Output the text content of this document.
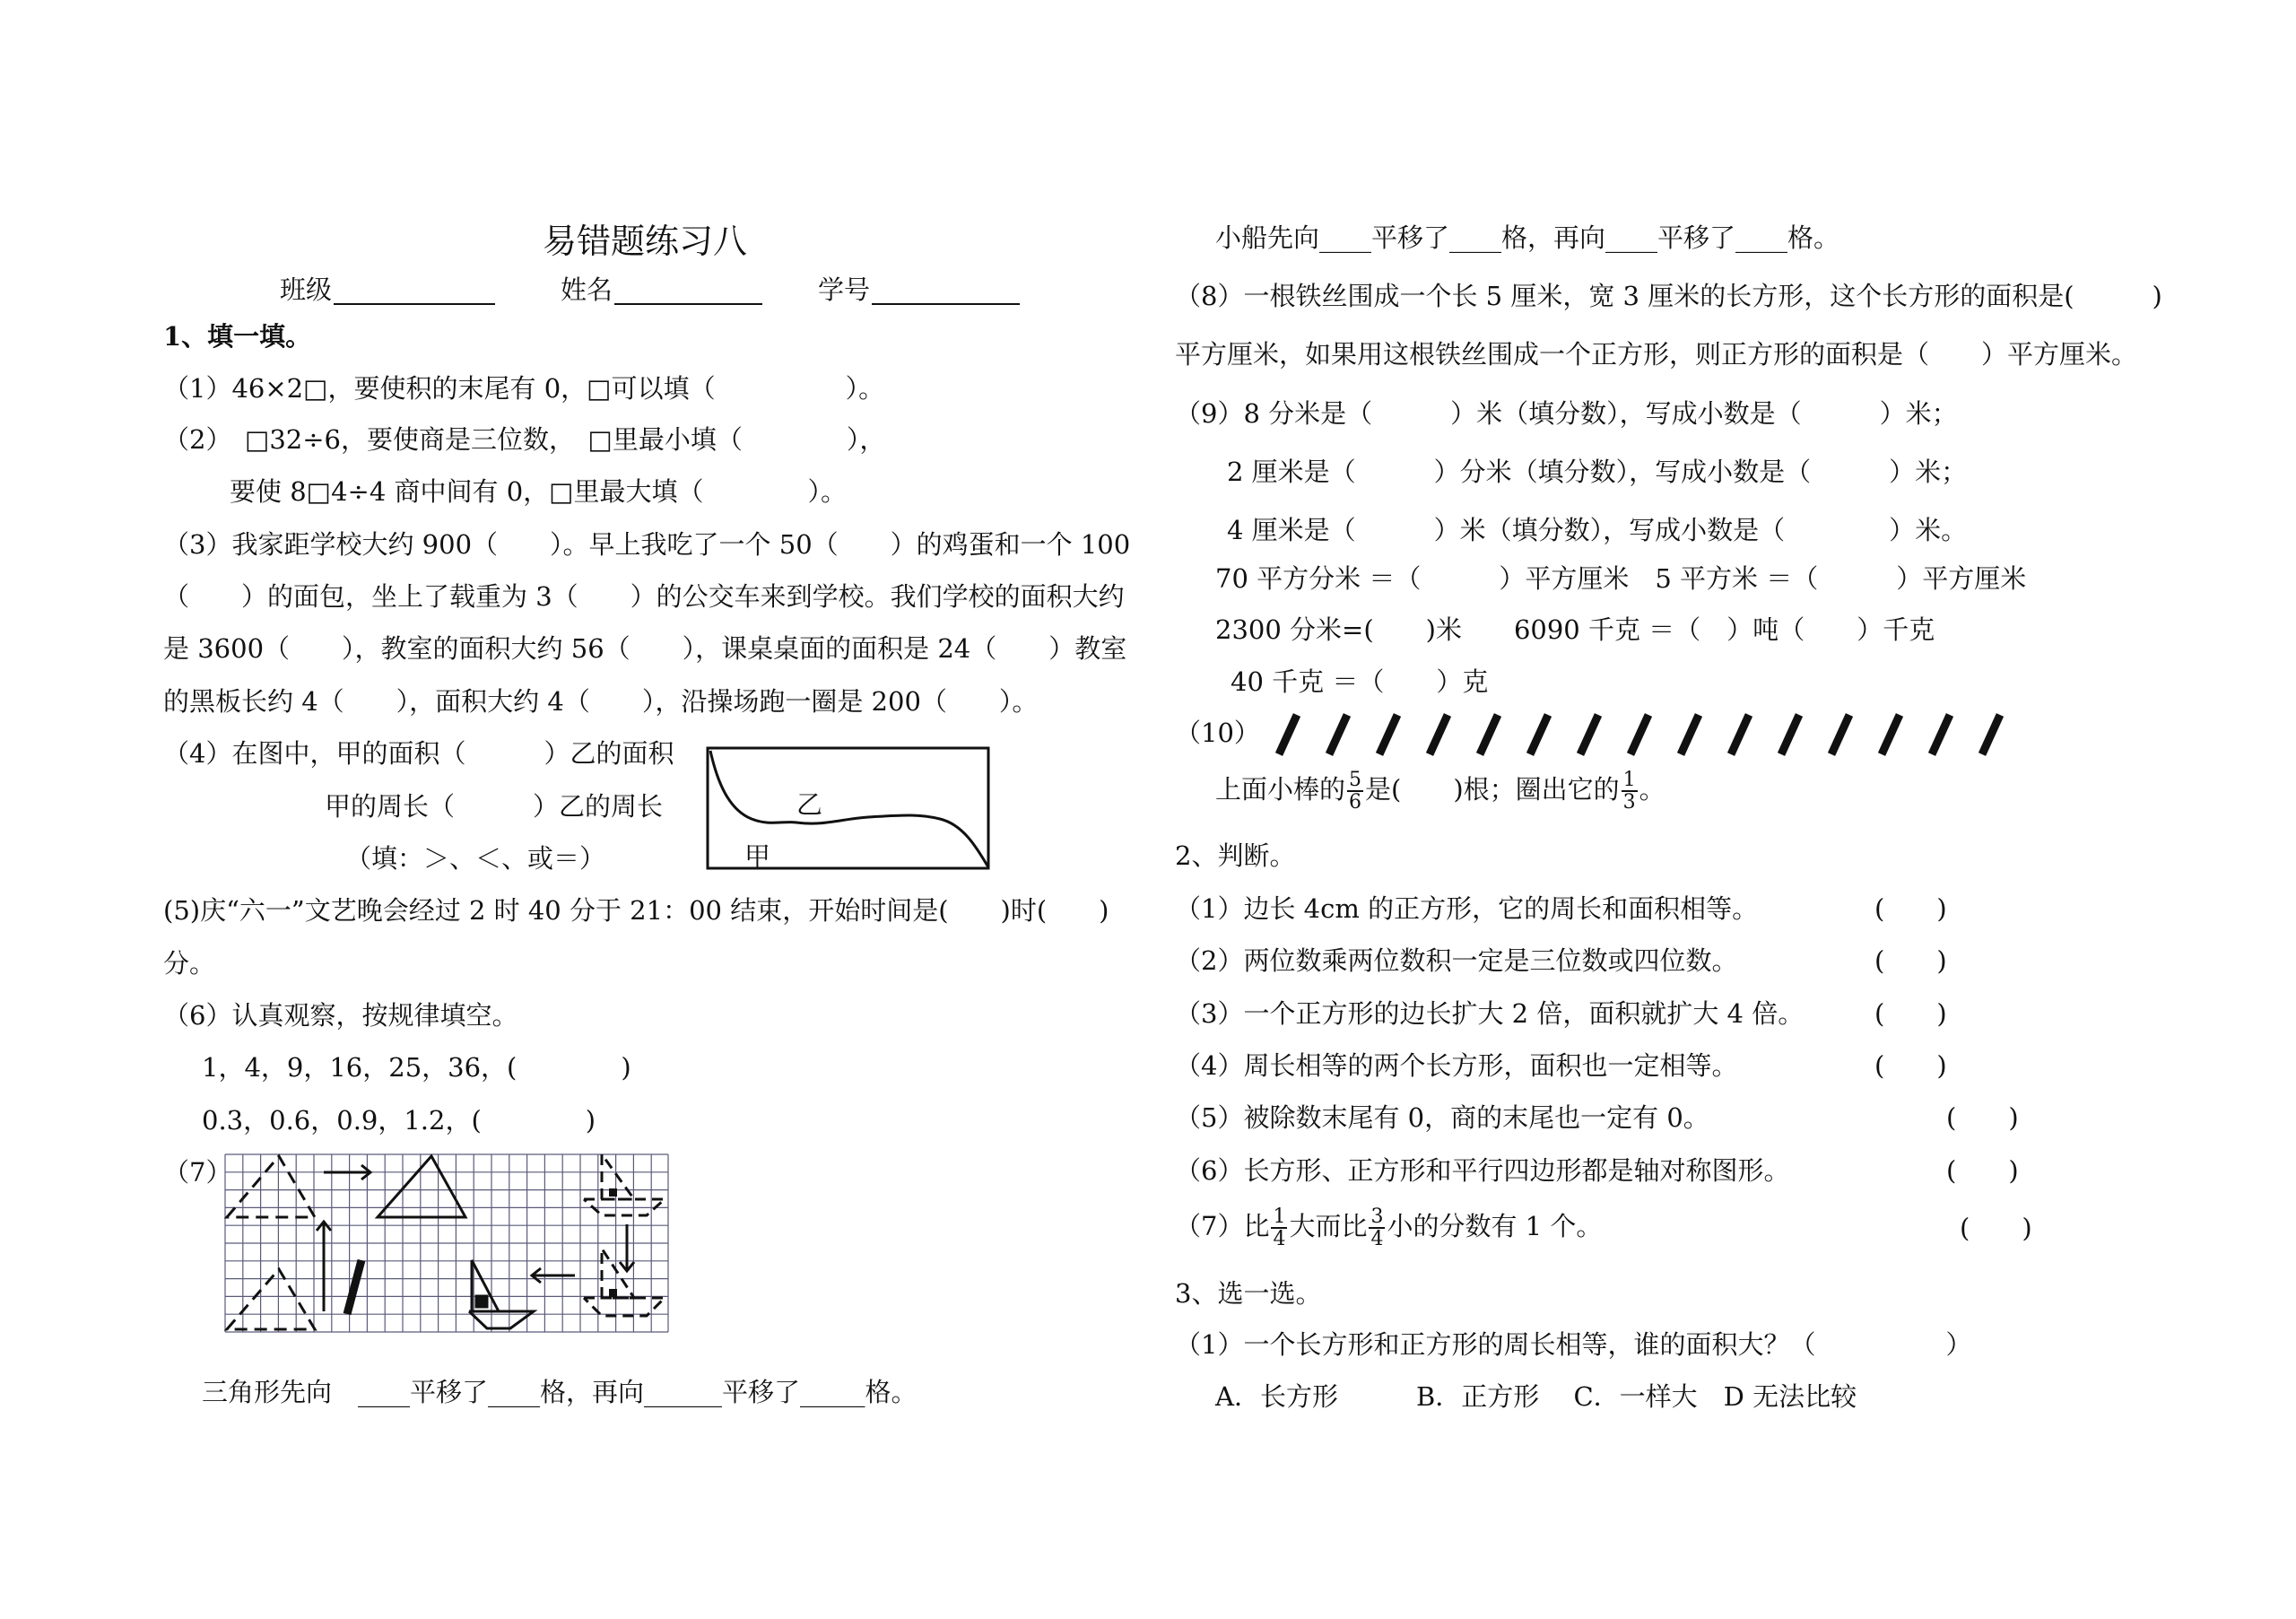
易错题练习八
班级	姓名	学号
1、填一填。
（1）46×2□，要使积的末尾有 0，□可以填（　　　　　）。
（2）　□32÷6，要使商是三位数，　□里最小填（　　　　），
要使 8□4÷4 商中间有 0，□里最大填（　　　　）。
（3）我家距学校大约 900（　　）。早上我吃了一个 50（　　）的鸡蛋和一个 100
（　　）的面包，坐上了载重为 3（　　）的公交车来到学校。我们学校的面积大约
是 3600（　　），教室的面积大约 56（　　），课桌桌面的面积是 24（　　）教室
的黑板长约 4（　　），面积大约 4（　　），沿操场跑一圈是 200（　　）。
（4）在图中，甲的面积（　　　）乙的面积
甲的周长（　　　）乙的周长
（填：＞、＜、或＝）
乙
甲
(5)庆“六一”文艺晚会经过 2 时 40 分于 21：00 结束，开始时间是(　　)时(　　)
分。
（6）认真观察，按规律填空。
1，4，9，16，25，36，(　　　　)
0.3，0.6，0.9，1.2，(　　　　)
（7）
三角形先向　____平移了____格，再向______平移了_____格。
小船先向____平移了____格，再向____平移了____格。
（8）一根铁丝围成一个长 5 厘米，宽 3 厘米的长方形，这个长方形的面积是(　　　)
平方厘米，如果用这根铁丝围成一个正方形，则正方形的面积是（　　）平方厘米。
（9）8 分米是（　　　）米（填分数），写成小数是（　　　）米；
2 厘米是（　　　）分米（填分数），写成小数是（　　　）米；
4 厘米是（　　　）米（填分数），写成小数是（　　　　）米。
70 平方分米 ＝（　　　）平方厘米　5 平方米 ＝（　　　）平方厘米
2300 分米=(　　)米　　6090 千克 ＝（　）吨（　　）千克
40 千克 ＝（　　）克
（10）
上面小棒的 $\frac{5}{6}$ 是(　　)根；圈出它的 $\frac{1}{3}$ 。
2、判断。
（1）边长 4cm 的正方形，它的周长和面积相等。	(　　)
（2）两位数乘两位数积一定是三位数或四位数。	(　　)
（3）一个正方形的边长扩大 2 倍，面积就扩大 4 倍。	(　　)
（4）周长相等的两个长方形，面积也一定相等。	(　　)
（5）被除数末尾有 0，商的末尾也一定有 0。	(　　)
（6）长方形、正方形和平行四边形都是轴对称图形。	(　　)
（7）比 $\frac{1}{4}$ 大而比 $\frac{3}{4}$ 小的分数有 1 个。	(　　)
3、选一选。
（1）一个长方形和正方形的周长相等，谁的面积大？（　　　　　）
A．长方形　　　B．正方形　 C．一样大　D 无法比较
